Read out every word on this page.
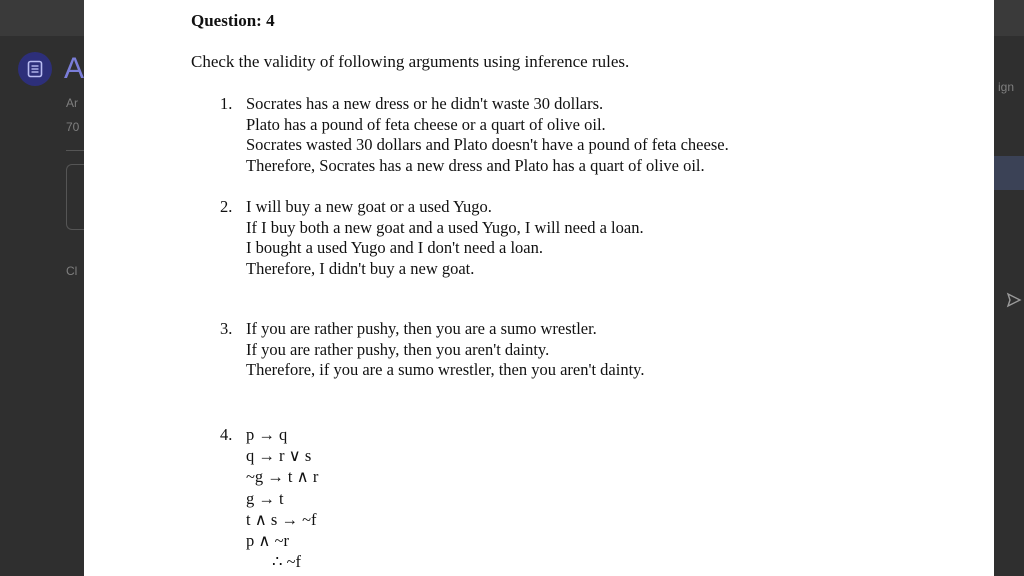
A
Ar
70
Cl
ign
Question: 4
Check the validity of following arguments using inference rules.
1. Socrates has a new dress or he didn't waste 30 dollars.
Plato has a pound of feta cheese or a quart of olive oil.
Socrates wasted 30 dollars and Plato doesn't have a pound of feta cheese.
Therefore, Socrates has a new dress and Plato has a quart of olive oil.
2. I will buy a new goat or a used Yugo.
If I buy both a new goat and a used Yugo, I will need a loan.
I bought a used Yugo and I don't need a loan.
Therefore, I didn't buy a new goat.
3. If you are rather pushy, then you are a sumo wrestler.
If you are rather pushy, then you aren't dainty.
Therefore, if you are a sumo wrestler, then you aren't dainty.
4. p → q
q → r ∨ s
~g → t ∧ r
g → t
t ∧ s → ~f
p ∧ ~r
∴ ~f
